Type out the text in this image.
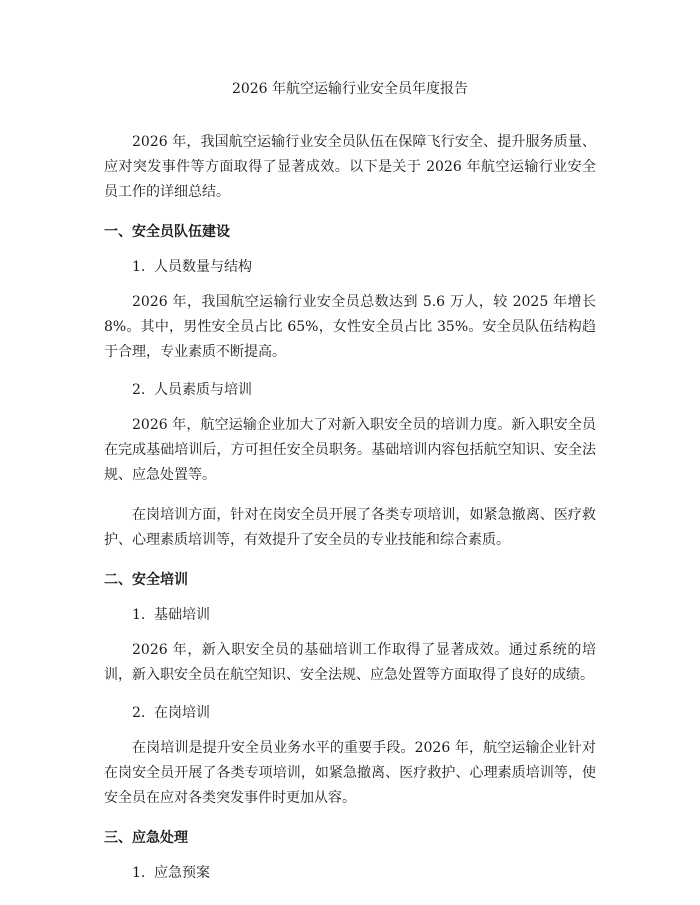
2026 年航空运输行业安全员年度报告

2026 年，我国航空运输行业安全员队伍在保障飞行安全、提升服务质量、应对突发事件等方面取得了显著成效。以下是关于 2026 年航空运输行业安全员工作的详细总结。

一、安全员队伍建设
1. 人员数量与结构

2026 年，我国航空运输行业安全员总数达到 5.6 万人，较 2025 年增长 8%。其中，男性安全员占比 65%，女性安全员占比 35%。安全员队伍结构趋于合理，专业素质不断提高。

2. 人员素质与培训

2026 年，航空运输企业加大了对新入职安全员的培训力度。新入职安全员在完成基础培训后，方可担任安全员职务。基础培训内容包括航空知识、安全法规、应急处置等。

在岗培训方面，针对在岗安全员开展了各类专项培训，如紧急撤离、医疗救护、心理素质培训等，有效提升了安全员的专业技能和综合素质。

二、安全培训
1. 基础培训

2026 年，新入职安全员的基础培训工作取得了显著成效。通过系统的培训，新入职安全员在航空知识、安全法规、应急处置等方面取得了良好的成绩。

2. 在岗培训

在岗培训是提升安全员业务水平的重要手段。2026 年，航空运输企业针对在岗安全员开展了各类专项培训，如紧急撤离、医疗救护、心理素质培训等，使安全员在应对各类突发事件时更加从容。

三、应急处理
1. 应急预案
